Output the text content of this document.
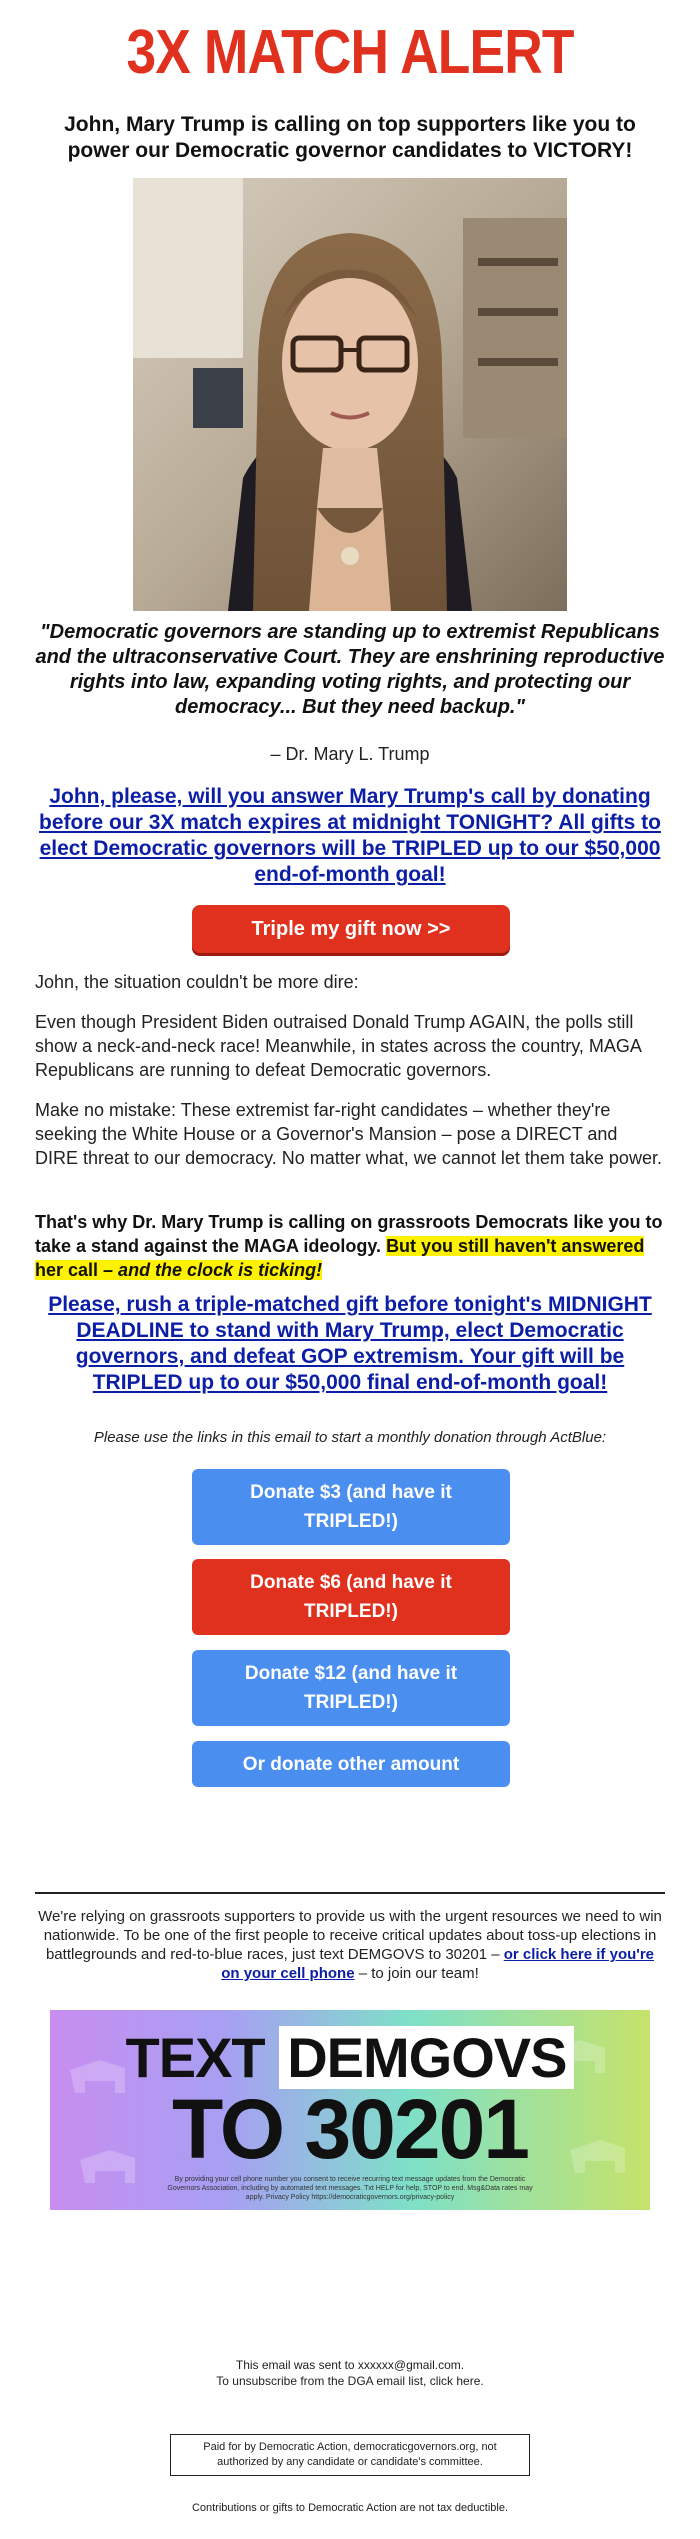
3X MATCH ALERT
John, Mary Trump is calling on top supporters like you to power our Democratic governor candidates to VICTORY!
"Democratic governors are standing up to extremist Republicans and the ultraconservative Court. They are enshrining reproductive rights into law, expanding voting rights, and protecting our democracy... But they need backup."
– Dr. Mary L. Trump
John, please, will you answer Mary Trump's call by donating before our 3X match expires at midnight TONIGHT? All gifts to elect Democratic governors will be TRIPLED up to our $50,000 end-of-month goal!
Triple my gift now >>
John, the situation couldn't be more dire:
Even though President Biden outraised Donald Trump AGAIN, the polls still show a neck-and-neck race! Meanwhile, in states across the country, MAGA Republicans are running to defeat Democratic governors.
Make no mistake: These extremist far-right candidates – whether they're seeking the White House or a Governor's Mansion – pose a DIRECT and DIRE threat to our democracy. No matter what, we cannot let them take power.
That's why Dr. Mary Trump is calling on grassroots Democrats like you to take a stand against the MAGA ideology. But you still haven't answered her call – and the clock is ticking!
Please, rush a triple-matched gift before tonight's MIDNIGHT DEADLINE to stand with Mary Trump, elect Democratic governors, and defeat GOP extremism. Your gift will be TRIPLED up to our $50,000 final end-of-month goal!
Please use the links in this email to start a monthly donation through ActBlue:
Donate $3 (and have it TRIPLED!)
Donate $6 (and have it TRIPLED!)
Donate $12 (and have it TRIPLED!)
Or donate other amount
We're relying on grassroots supporters to provide us with the urgent resources we need to win nationwide. To be one of the first people to receive critical updates about toss-up elections in battlegrounds and red-to-blue races, just text DEMGOVS to 30201 – or click here if you're on your cell phone – to join our team!
TEXT DEMGOVS
TO 30201
By providing your cell phone number you consent to receive recurring text message updates from the Democratic Governors Association, including by automated text messages. Txt HELP for help, STOP to end. Msg&Data rates may apply. Privacy Policy https://democraticgovernors.org/privacy-policy
This email was sent to xxxxxx@gmail.com.
To unsubscribe from the DGA email list, click here.
Paid for by Democratic Action, democraticgovernors.org, not authorized by any candidate or candidate's committee.
Contributions or gifts to Democratic Action are not tax deductible.
